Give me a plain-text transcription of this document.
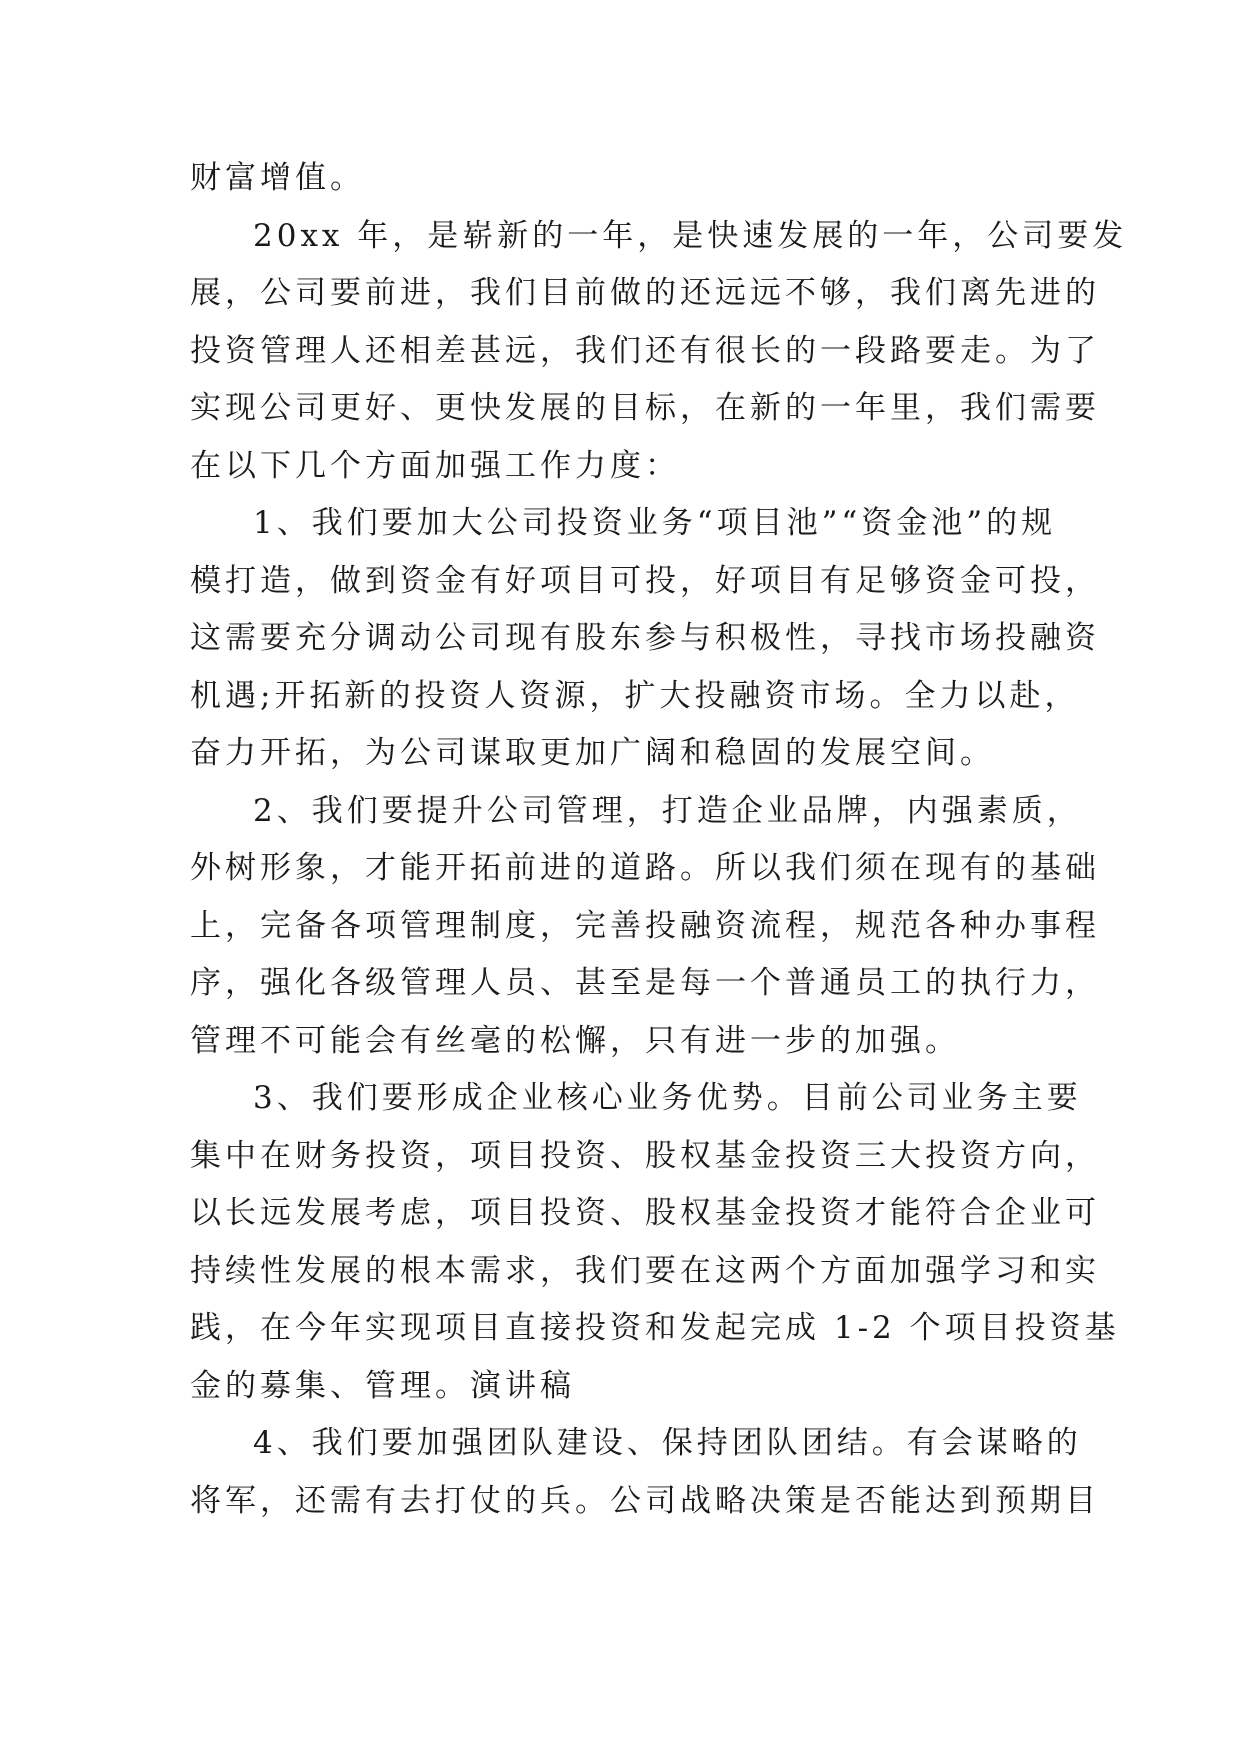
财富增值。
20xx 年，是崭新的一年，是快速发展的一年，公司要发
展，公司要前进，我们目前做的还远远不够，我们离先进的
投资管理人还相差甚远，我们还有很长的一段路要走。为了
实现公司更好、更快发展的目标，在新的一年里，我们需要
在以下几个方面加强工作力度：
1、我们要加大公司投资业务“项目池”“资金池”的规
模打造，做到资金有好项目可投，好项目有足够资金可投，
这需要充分调动公司现有股东参与积极性，寻找市场投融资
机遇;开拓新的投资人资源，扩大投融资市场。全力以赴，
奋力开拓，为公司谋取更加广阔和稳固的发展空间。
2、我们要提升公司管理，打造企业品牌，内强素质，
外树形象，才能开拓前进的道路。所以我们须在现有的基础
上，完备各项管理制度，完善投融资流程，规范各种办事程
序，强化各级管理人员、甚至是每一个普通员工的执行力，
管理不可能会有丝毫的松懈，只有进一步的加强。
3、我们要形成企业核心业务优势。目前公司业务主要
集中在财务投资，项目投资、股权基金投资三大投资方向，
以长远发展考虑，项目投资、股权基金投资才能符合企业可
持续性发展的根本需求，我们要在这两个方面加强学习和实
践，在今年实现项目直接投资和发起完成 1-2 个项目投资基
金的募集、管理。演讲稿
4、我们要加强团队建设、保持团队团结。有会谋略的
将军，还需有去打仗的兵。公司战略决策是否能达到预期目
